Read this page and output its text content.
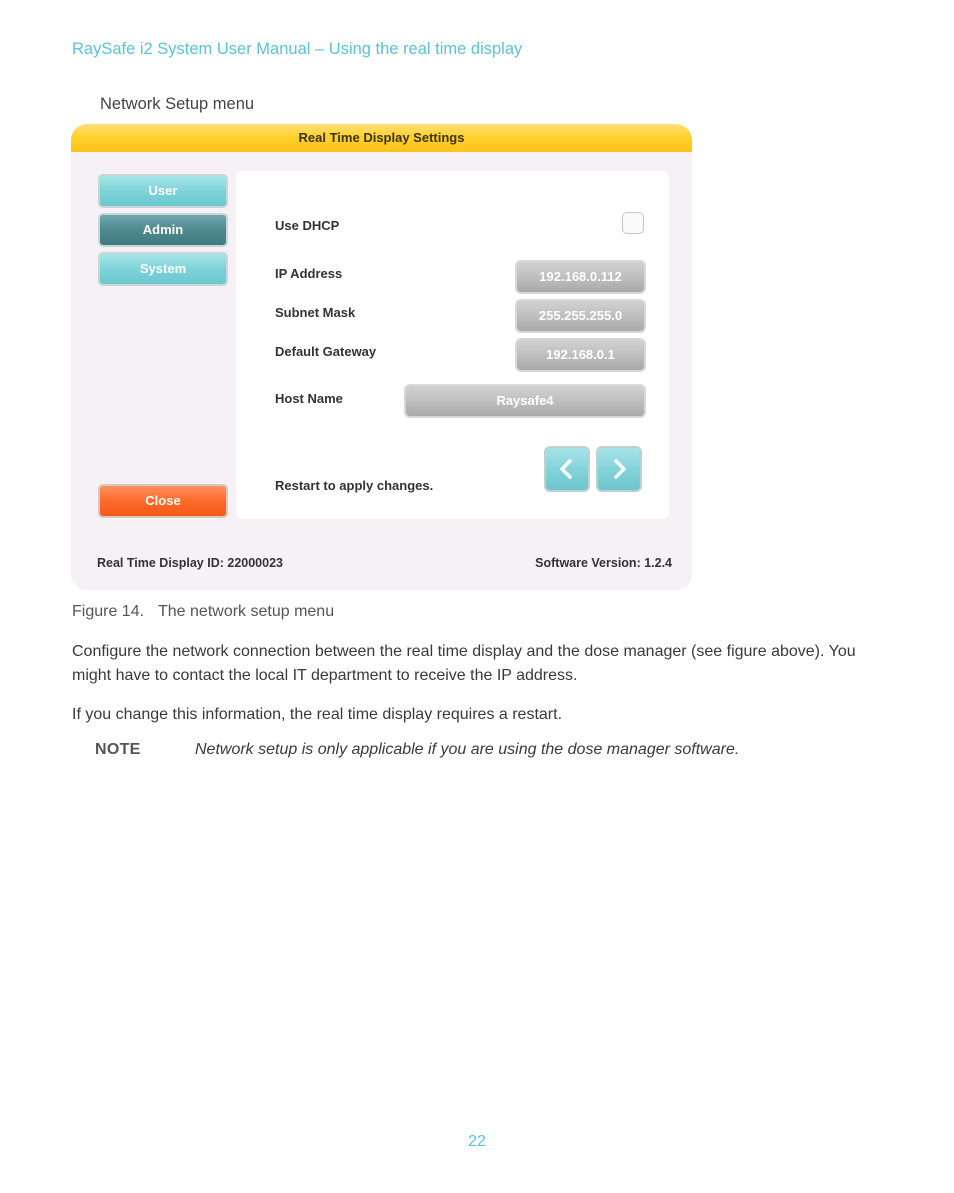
RaySafe i2 System User Manual – Using the real time display
Network Setup menu
Real Time Display Settings
User
Admin
System
Close
Use DHCP
IP Address	192.168.0.112
Subnet Mask	255.255.255.0
Default Gateway	192.168.0.1
Host Name	Raysafe4
Restart to apply changes.
Real Time Display ID: 22000023	Software Version: 1.2.4
Figure 14. The network setup menu

Configure the network connection between the real time display and the dose manager (see figure above). You might have to contact the local IT department to receive the IP address.

If you change this information, the real time display requires a restart.

NOTE	Network setup is only applicable if you are using the dose manager software.
22
